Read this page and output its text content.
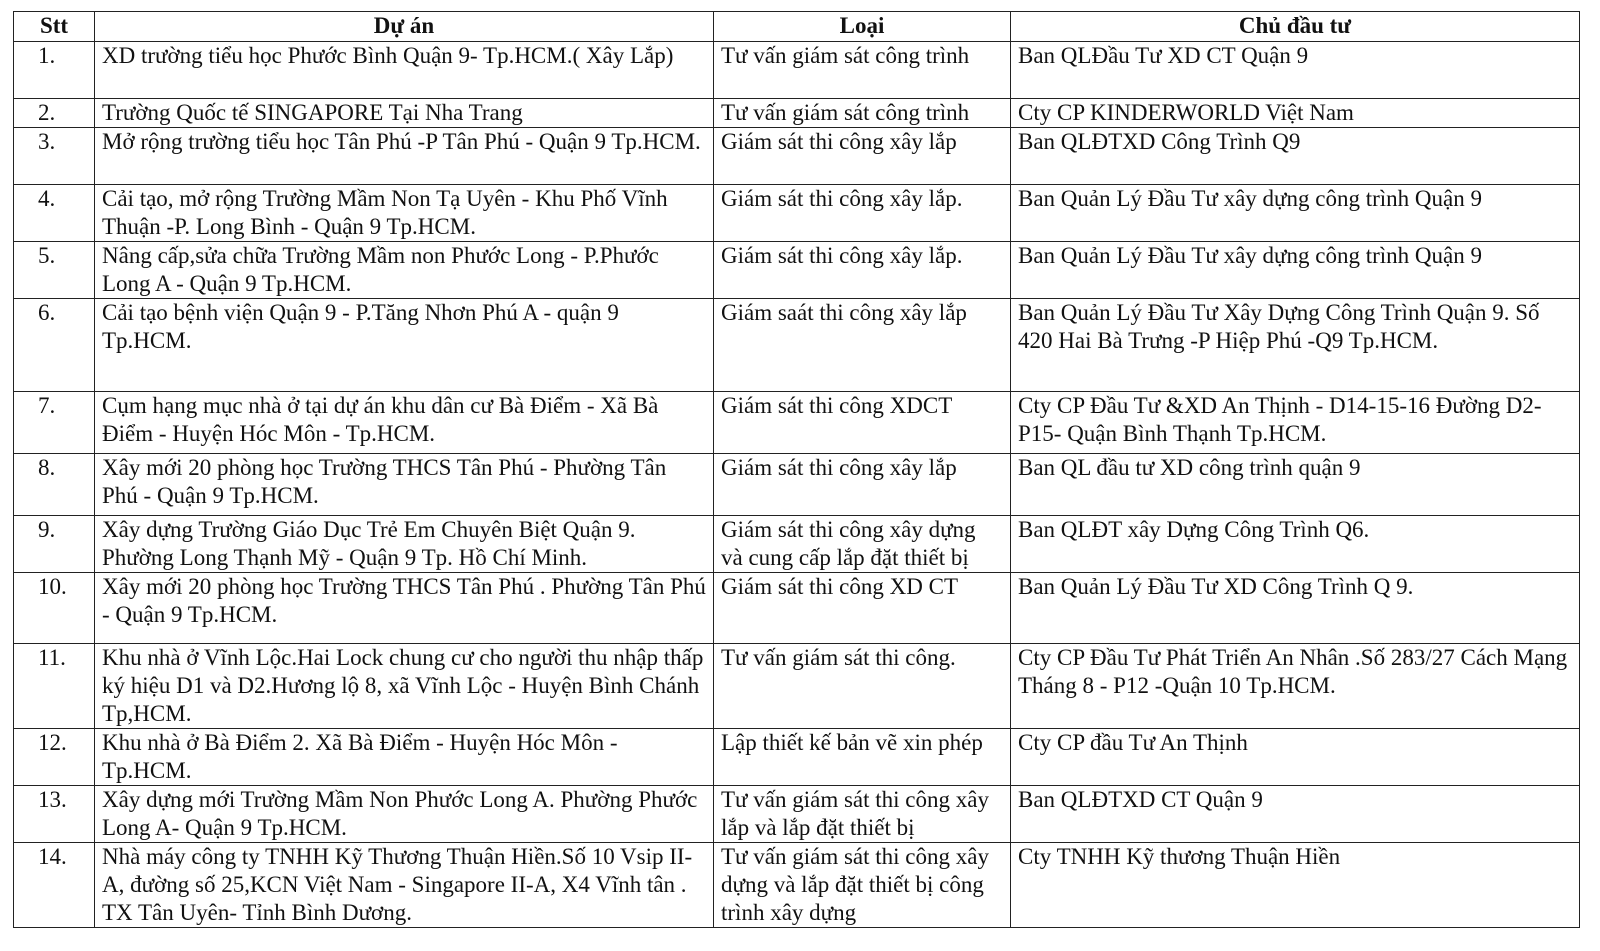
Stt	Dự án	Loại	Chủ đầu tư
1.	XD trường tiểu học Phước Bình Quận 9- Tp.HCM.( Xây Lắp)	Tư vấn giám sát công trình	Ban QLĐầu Tư XD CT Quận 9
2.	Trường Quốc tế SINGAPORE Tại Nha Trang	Tư vấn giám sát công trình	Cty CP KINDERWORLD Việt Nam
3.	Mở rộng trường tiểu học Tân Phú -P Tân Phú - Quận 9 Tp.HCM.	Giám sát thi công xây lắp	Ban QLĐTXD Công Trình Q9
4.	Cải tạo, mở rộng Trường Mầm Non Tạ Uyên - Khu Phố Vĩnh Thuận -P. Long Bình - Quận 9 Tp.HCM.	Giám sát thi công xây lắp.	Ban Quản Lý Đầu Tư xây dựng công trình Quận 9
5.	Nâng cấp,sửa chữa Trường Mầm non Phước Long - P.Phước Long A - Quận 9 Tp.HCM.	Giám sát thi công xây lắp.	Ban Quản Lý Đầu Tư xây dựng công trình Quận 9
6.	Cải tạo bệnh viện Quận 9 - P.Tăng Nhơn Phú A - quận 9 Tp.HCM.	Giám saát thi công xây lắp	Ban Quản Lý Đầu Tư Xây Dựng Công Trình Quận 9. Số 420 Hai Bà Trưng -P Hiệp Phú -Q9 Tp.HCM.
7.	Cụm hạng mục nhà ở tại dự án khu dân cư Bà Điểm - Xã Bà Điểm - Huyện Hóc Môn - Tp.HCM.	Giám sát thi công XDCT	Cty CP Đầu Tư &XD An Thịnh - D14-15-16 Đường D2-P15- Quận Bình Thạnh Tp.HCM.
8.	Xây mới 20 phòng học Trường THCS Tân Phú - Phường Tân Phú - Quận 9 Tp.HCM.	Giám sát thi công xây lắp	Ban QL đầu tư XD công trình quận 9
9.	Xây dựng Trường Giáo Dục Trẻ Em Chuyên Biệt Quận 9. Phường Long Thạnh Mỹ - Quận 9 Tp. Hồ Chí Minh.	Giám sát thi công xây dựng và cung cấp lắp đặt thiết bị	Ban QLĐT xây Dựng Công Trình Q6.
10.	Xây mới 20 phòng học Trường THCS Tân Phú . Phường Tân Phú - Quận 9 Tp.HCM.	Giám sát thi công XD CT	Ban Quản Lý Đầu Tư XD Công Trình Q 9.
11.	Khu nhà ở Vĩnh Lộc.Hai Lock chung cư cho người thu nhập thấp ký hiệu D1 và D2.Hương lộ 8, xã Vĩnh Lộc - Huyện Bình Chánh Tp,HCM.	Tư vấn giám sát thi công.	Cty CP Đầu Tư Phát Triển An Nhân .Số 283/27 Cách Mạng Tháng 8 - P12 -Quận 10 Tp.HCM.
12.	Khu nhà ở Bà Điểm 2. Xã Bà Điểm - Huyện Hóc Môn - Tp.HCM.	Lập thiết kế bản vẽ xin phép	Cty CP đầu Tư An Thịnh
13.	Xây dựng mới Trường Mầm Non Phước Long A. Phường Phước Long A- Quận 9 Tp.HCM.	Tư vấn giám sát thi công xây lắp và lắp đặt thiết bị	Ban QLĐTXD CT Quận 9
14.	Nhà máy công ty TNHH Kỹ Thương Thuận Hiền.Số 10 Vsip II-A, đường số 25,KCN Việt Nam - Singapore II-A, X4 Vĩnh tân . TX Tân Uyên- Tỉnh Bình Dương.	Tư vấn giám sát thi công xây dựng và lắp đặt thiết bị công trình xây dựng	Cty TNHH Kỹ thương Thuận Hiền
